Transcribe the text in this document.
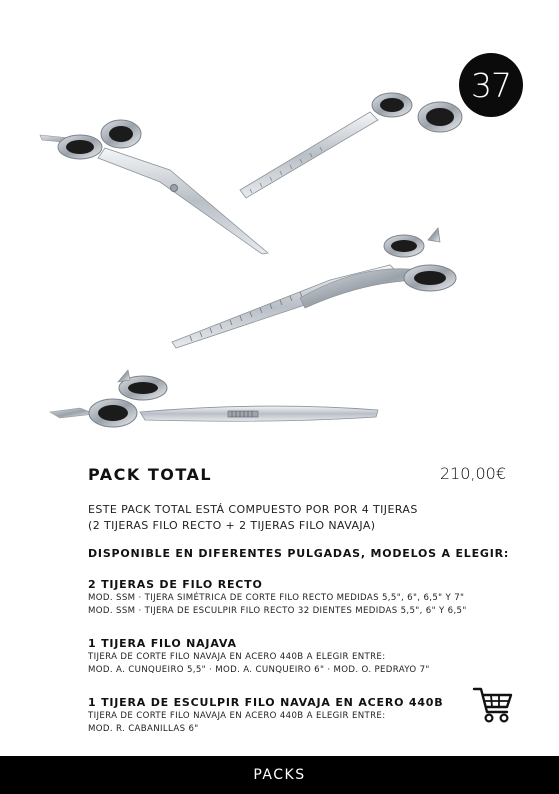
37
PACK TOTAL	210,00€
ESTE PACK TOTAL ESTÁ COMPUESTO POR POR 4 TIJERAS
(2 TIJERAS FILO RECTO + 2 TIJERAS FILO NAVAJA)
DISPONIBLE EN DIFERENTES PULGADAS, MODELOS A ELEGIR:
2 TIJERAS DE FILO RECTO
MOD. SSM · TIJERA SIMÉTRICA DE CORTE FILO RECTO MEDIDAS 5,5", 6", 6,5" Y 7"
MOD. SSM · TIJERA DE ESCULPIR FILO RECTO 32 DIENTES MEDIDAS 5,5", 6" Y 6,5"
1 TIJERA FILO NAJAVA
TIJERA DE CORTE FILO NAVAJA EN ACERO 440B A ELEGIR ENTRE:
MOD. A. CUNQUEIRO 5,5" · MOD. A. CUNQUEIRO 6" · MOD. O. PEDRAYO 7"
1 TIJERA DE ESCULPIR FILO NAVAJA EN ACERO 440B
TIJERA DE CORTE FILO NAVAJA EN ACERO 440B A ELEGIR ENTRE:
MOD. R. CABANILLAS 6"
PACKS
